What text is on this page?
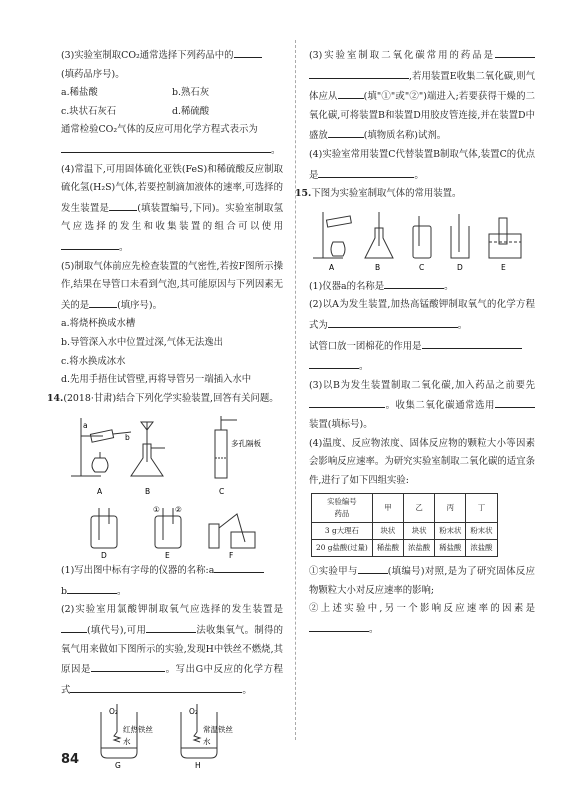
(3)实验室制取CO₂通常选择下列药品中的

(填药品序号)。

a.稀盐酸	b.熟石灰
c.块状石灰石	d.稀硫酸

通常检验CO₂气体的反应可用化学方程式表示为

。

(4)常温下,可用固体硫化亚铁(FeS)和稀硫酸反应制取硫化氢(H₂S)气体,若要控制滴加液体的速率,可选择的发生装置是	(填装置编号,下同)。实验室制取氢气应选择的发生和收集装置的组合可以使用。

(5)制取气体前应先检查装置的气密性,若按F图所示操作,结果在导管口未看到气泡,其可能原因与下列因素无关的是	(填序号)。

a.将烧杯换成水槽

b.导管深入水中位置过深,气体无法逸出

c.将水换成冰水

d.先用手捂住试管壁,再将导管另一端插入水中

14.(2018·甘肃)结合下列化学实验装置,回答有关问题。

a
b
多孔隔板
A	B	C
① ②
D	E	F

(1)写出图中标有字母的仪器的名称:a

b	。

(2)实验室用氯酸钾制取氧气应选择的发生装置是(填代号),可用	法收集氧气。制得的氧气用来做如下图所示的实验,发现H中铁丝不燃烧,其原因是	。写出G中反应的化学方程式	。

O₂
红热铁丝
水
O₂
常温铁丝
水
G	H

(3)实验室制取二氧化碳常用的药品是,若用装置E收集二氧化碳,则气体应从	(填"①"或"②")端进入;若要获得干燥的二氧化碳,可将装置B和装置D用胶皮管连接,并在装置D中盛放	(填物质名称)试剂。

(4)实验室常用装置C代替装置B制取气体,装置C的优点是	。

15.下图为实验室制取气体的常用装置。

A	B	C	D	E

(1)仪器a的名称是	。

(2)以A为发生装置,加热高锰酸钾制取氧气的化学方程式为	。

试管口放一团棉花的作用是

。

(3)以B为发生装置制取二氧化碳,加入药品之前要先。收集二氧化碳通常选用装置(填标号)。

(4)温度、反应物浓度、固体反应物的颗粒大小等因素会影响反应速率。为研究实验室制取二氧化碳的适宜条件,进行了如下四组实验:

实验编号
药品	甲	乙	丙	丁
3 g大理石	块状	块状	粉末状	粉末状
20 g盐酸(过量)	稀盐酸	浓盐酸	稀盐酸	浓盐酸

①实验甲与	(填编号)对照,是为了研究固体反应物颗粒大小对反应速率的影响;

②上述实验中,另一个影响反应速率的因素是。

84
